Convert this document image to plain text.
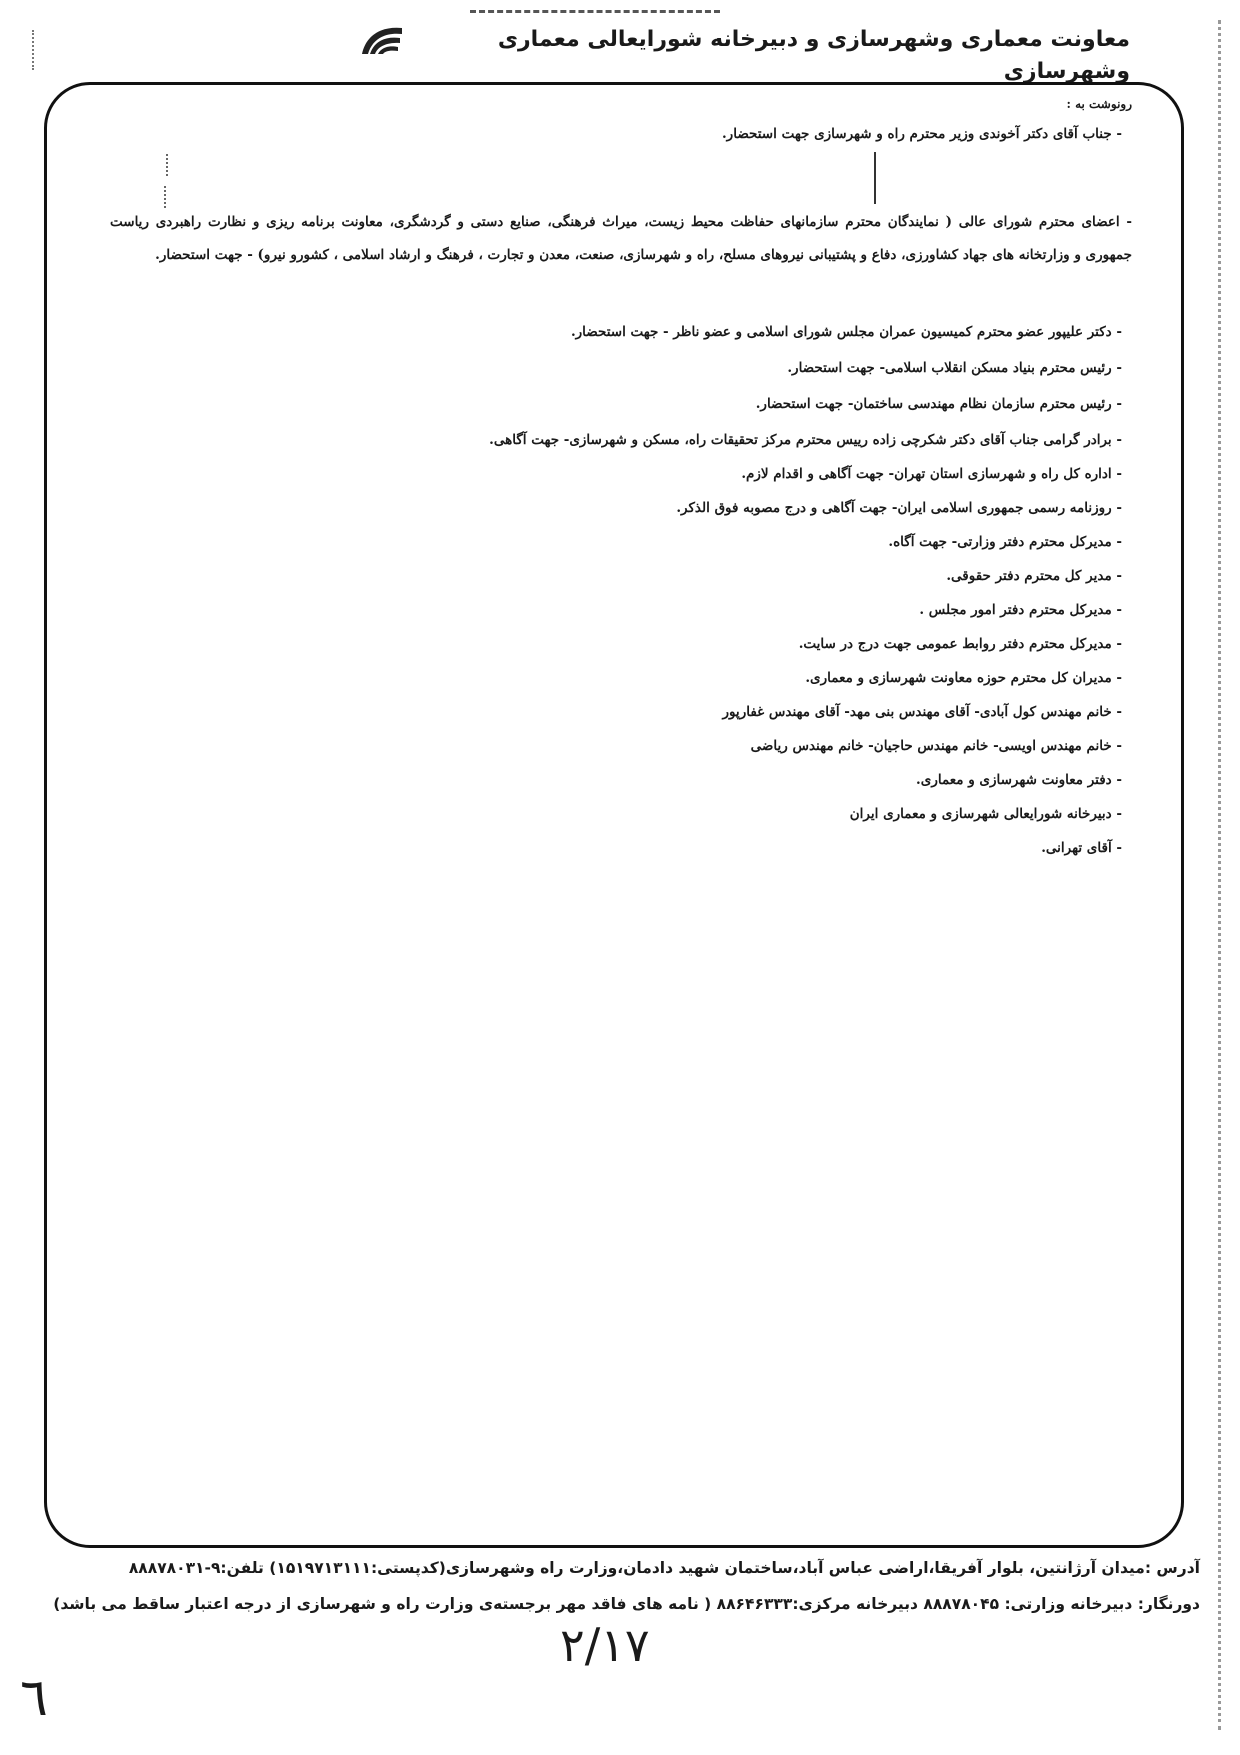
معاونت معماری وشهرسازی و دبیرخانه شورایعالی معماری وشهرسازی
رونوشت به :
- جناب آقای دکتر آخوندی وزیر محترم راه و شهرسازی جهت استحضار.
- اعضای محترم شورای عالی ( نمایندگان محترم سازمانهای حفاظت محیط زیست، میراث فرهنگی، صنایع دستی و گردشگری، معاونت برنامه ریزی و نظارت راهبردی ریاست جمهوری و وزارتخانه های جهاد کشاورزی، دفاع و پشتیبانی نیروهای مسلح، راه و شهرسازی، صنعت، معدن و تجارت ، فرهنگ و ارشاد اسلامی ، کشورو نیرو) - جهت استحضار.
- دکتر علیپور عضو محترم کمیسیون عمران مجلس شورای اسلامی و عضو ناظر - جهت استحضار.
- رئیس محترم بنیاد مسکن انقلاب اسلامی- جهت استحضار.
- رئیس محترم سازمان نظام مهندسی ساختمان- جهت استحضار.
- برادر گرامی جناب آقای دکتر شکرچی زاده رییس محترم مرکز تحقیقات راه، مسکن و شهرسازی- جهت آگاهی.
- اداره کل راه و شهرسازی استان تهران- جهت آگاهی و اقدام لازم.
- روزنامه رسمی جمهوری اسلامی ایران- جهت آگاهی و درج مصوبه فوق الذکر.
- مدیرکل محترم دفتر وزارتی- جهت آگاه.
- مدیر کل محترم دفتر حقوقی.
- مدیرکل محترم دفتر امور مجلس .
- مدیرکل محترم دفتر روابط عمومی جهت درج در سایت.
- مدیران کل محترم حوزه معاونت شهرسازی و معماری.
- خانم مهندس کول آبادی- آقای مهندس بنی مهد- آقای مهندس غفارپور
- خانم مهندس اویسی- خانم مهندس حاجیان- خانم مهندس ریاضی
- دفتر معاونت شهرسازی و معماری.
- دبیرخانه شورایعالی شهرسازی و معماری ایران
- آقای تهرانی.
آدرس :میدان آرژانتین، بلوار آفریقا،اراضی عباس آباد،ساختمان شهید دادمان،وزارت راه وشهرسازی(کدپستی:۱۵۱۹۷۱۳۱۱۱) تلفن:۹-۸۸۸۷۸۰۳۱
دورنگار: دبیرخانه وزارتی: ۸۸۸۷۸۰۴۵ دبیرخانه مرکزی:۸۸۶۴۶۳۳۳ ( نامه های فاقد مهر برجسته‌ی وزارت راه و شهرسازی از درجه اعتبار ساقط می باشد)
۲/۱۷
٦
